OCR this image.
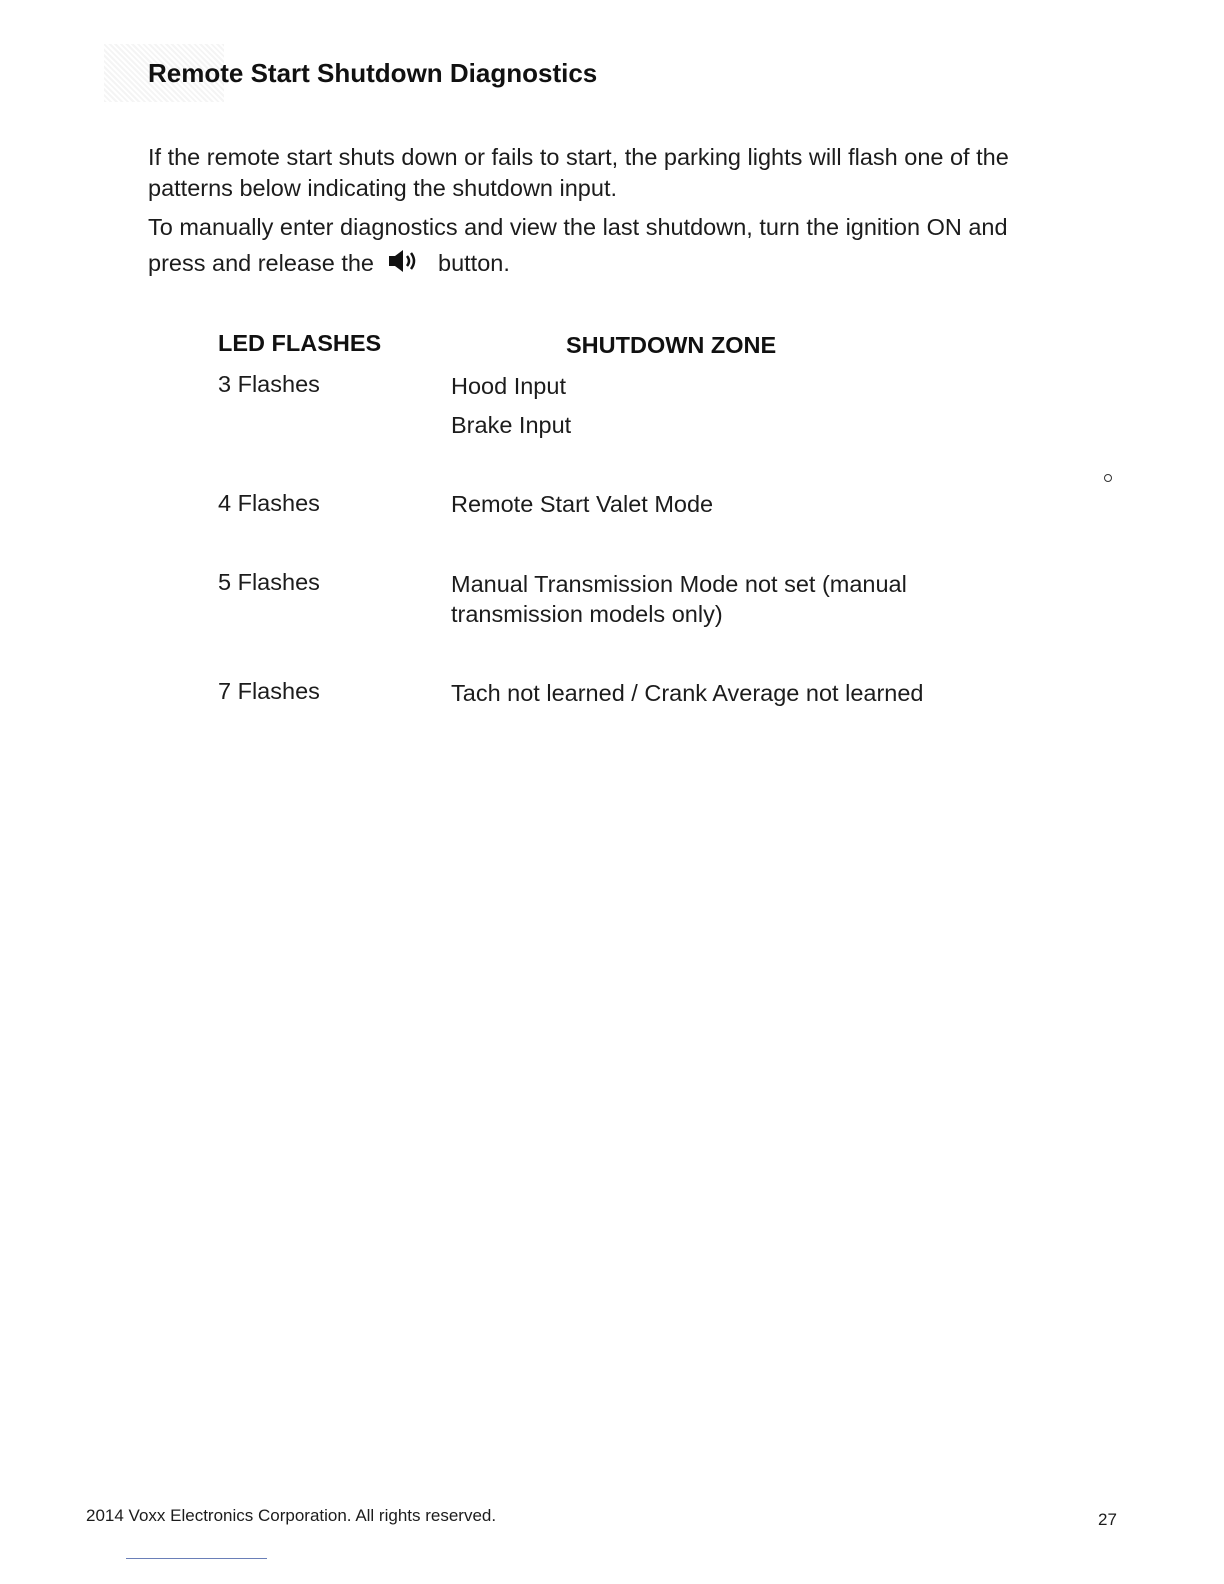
Remote Start Shutdown Diagnostics
If the remote start shuts down or fails to start, the parking lights will flash one of the patterns below indicating the shutdown input.
To manually enter diagnostics and view the last shutdown, turn the ignition ON and
press and release the	button.
LED FLASHES	SHUTDOWN ZONE
3 Flashes	Hood Input
Brake Input
4 Flashes	Remote Start Valet Mode
5 Flashes	Manual Transmission Mode not set (manual transmission models only)
7 Flashes	Tach not learned / Crank Average not learned
2014 Voxx Electronics Corporation. All rights reserved.	27
